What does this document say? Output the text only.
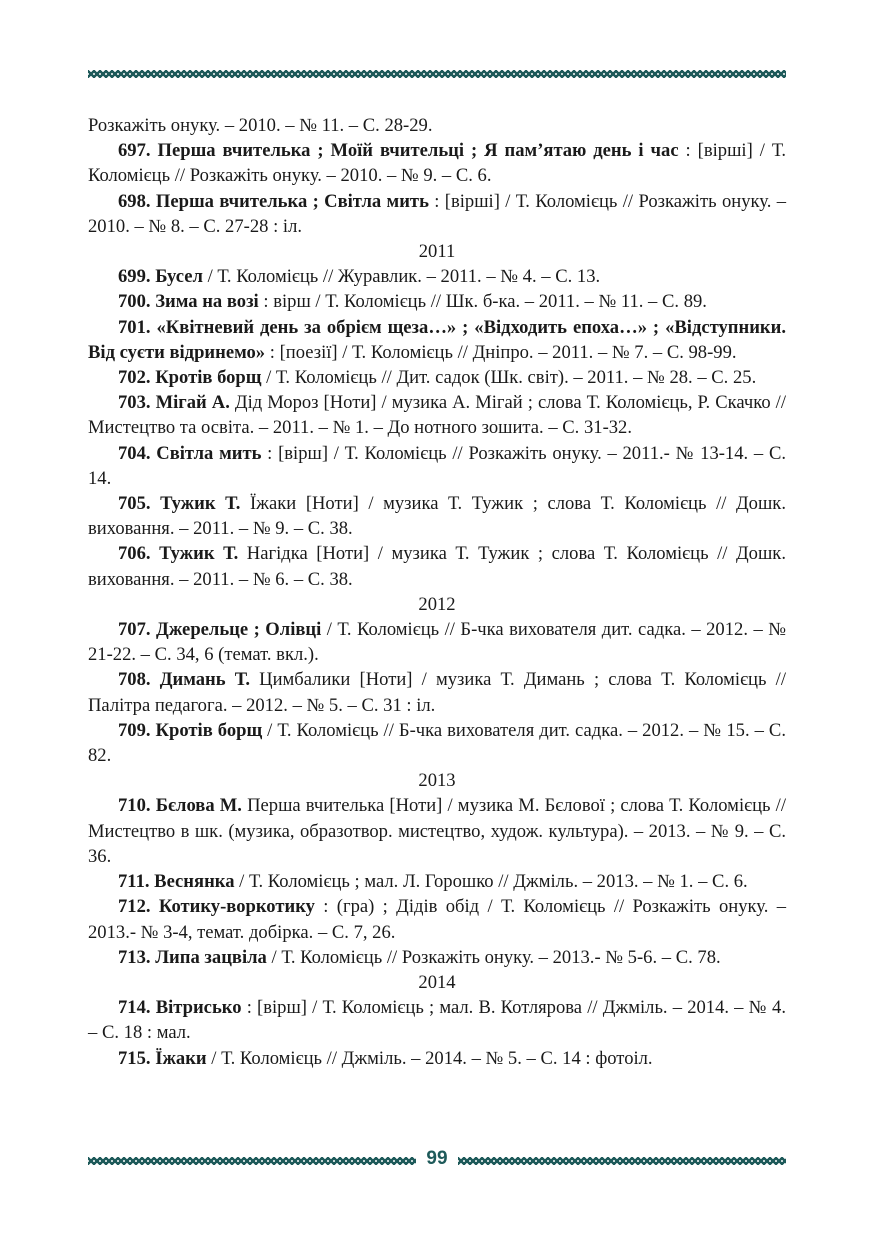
Розкажіть онуку. – 2010. – № 11. – С. 28-29.

697. Перша вчителька ; Моїй вчительці ; Я пам’ятаю день і час : [вірші] / Т. Коломієць // Розкажіть онуку. – 2010. – № 9. – С. 6.

698. Перша вчителька ; Світла мить : [вірші] / Т. Коломієць // Розкажіть онуку. – 2010. – № 8. – С. 27-28 : іл.

2011

699. Бусел / Т. Коломієць // Журавлик. – 2011. – № 4. – С. 13.

700. Зима на возі : вірш / Т. Коломієць // Шк. б-ка. – 2011. – № 11. – С. 89.

701. «Квітневий день за обрієм щеза…» ; «Відходить епоха…» ; «Відступники. Від суєти відринемо» : [поезії] / Т. Коломієць // Дніпро. – 2011. – № 7. – С. 98-99.

702. Кротів борщ / Т. Коломієць // Дит. садок (Шк. світ). – 2011. – № 28. – С. 25.

703. Мігай А. Дід Мороз [Ноти] / музика А. Мігай ; слова Т. Коломієць, Р. Скачко // Мистецтво та освіта. – 2011. – № 1. – До нотного зошита. – С. 31-32.

704. Світла мить : [вірш] / Т. Коломієць // Розкажіть онуку. – 2011.- № 13-14. – С. 14.

705. Тужик Т. Їжаки [Ноти] / музика Т. Тужик ; слова Т. Коломієць // Дошк. виховання. – 2011. – № 9. – С. 38.

706. Тужик Т. Нагідка [Ноти] / музика Т. Тужик ; слова Т. Коломієць // Дошк. виховання. – 2011. – № 6. – С. 38.

2012

707. Джерельце ; Олівці / Т. Коломієць // Б-чка вихователя дит. садка. – 2012. – № 21-22. – С. 34, 6 (темат. вкл.).

708. Димань Т. Цимбалики [Ноти] / музика Т. Димань ; слова Т. Коломієць // Палітра педагога. – 2012. – № 5. – С. 31 : іл.

709. Кротів борщ / Т. Коломієць // Б-чка вихователя дит. садка. – 2012. – № 15. – С. 82.

2013

710. Бєлова М. Перша вчителька [Ноти] / музика М. Бєлової ; слова Т. Коломієць // Мистецтво в шк. (музика, образотвор. мистецтво, худож. культура). – 2013. – № 9. – С. 36.

711. Веснянка / Т. Коломієць ; мал. Л. Горошко // Джміль. – 2013. – № 1. – С. 6.

712. Котику-воркотику : (гра) ; Дідів обід / Т. Коломієць // Розкажіть онуку. – 2013.- № 3-4, темат. добірка. – С. 7, 26.

713. Липа зацвіла / Т. Коломієць // Розкажіть онуку. – 2013.- № 5-6. – С. 78.

2014

714. Вітрисько : [вірш] / Т. Коломієць ; мал. В. Котлярова // Джміль. – 2014. – № 4. – С. 18 : мал.

715. Їжаки / Т. Коломієць // Джміль. – 2014. – № 5. – С. 14 : фотоіл.

99
